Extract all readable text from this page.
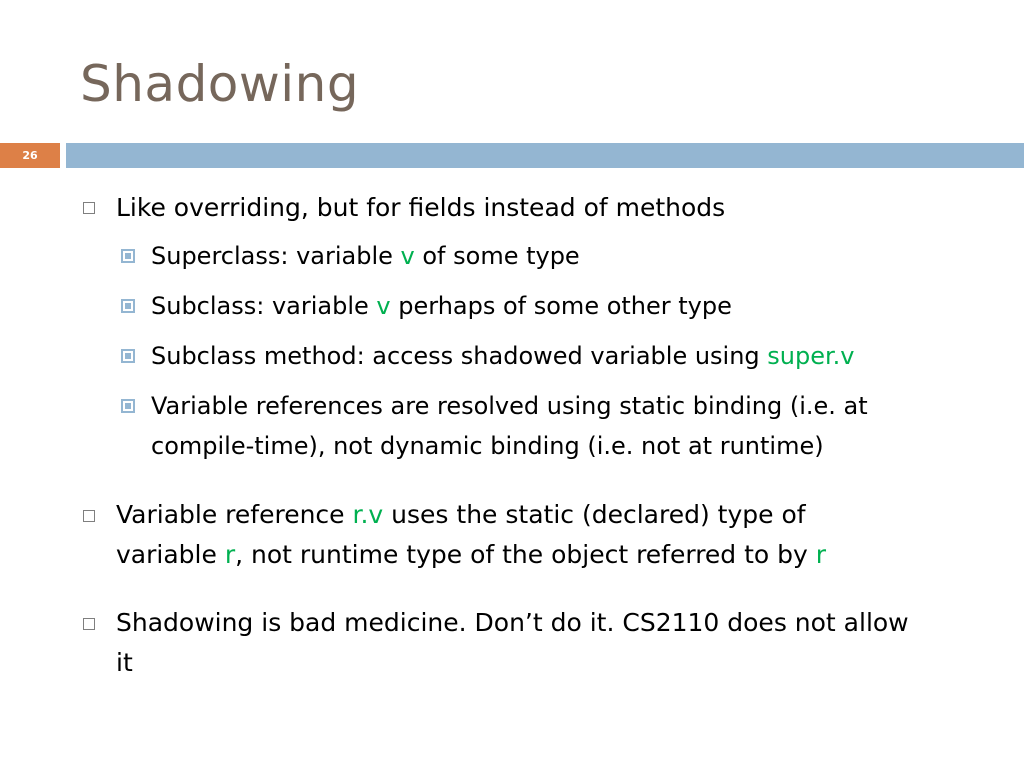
Shadowing
26
Like overriding, but for fields instead of methods
Superclass: variable v of some type
Subclass: variable v perhaps of some other type
Subclass method: access shadowed variable using super.v
Variable references are resolved using static binding (i.e. at compile-time), not dynamic binding (i.e. not at runtime)
Variable reference r.v uses the static (declared) type of variable r, not runtime type of the object referred to by r
Shadowing is bad medicine. Don’t do it. CS2110 does not allow it
